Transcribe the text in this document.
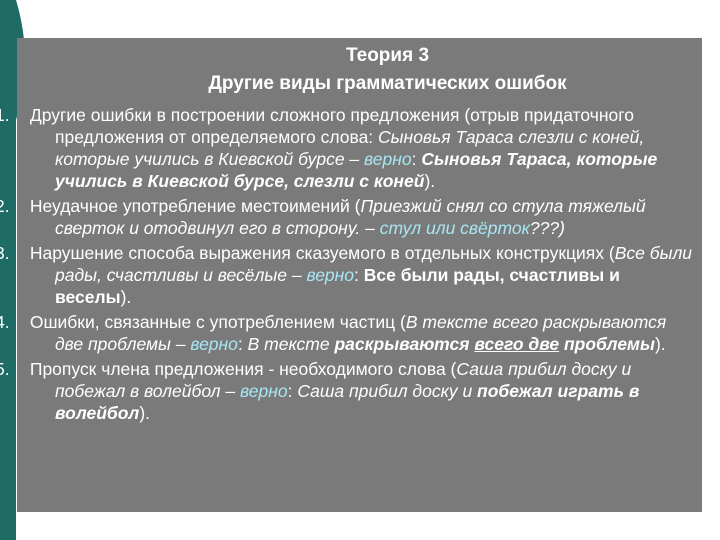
Теория 3
Другие виды грамматических ошибок
Другие ошибки в построении сложного предложения (отрыв придаточного предложения от определяемого слова: Сыновья Тараса слезли с коней, которые учились в Киевской бурсе – верно: Сыновья Тараса, которые учились в Киевской бурсе, слезли с коней).
Неудачное употребление местоимений (Приезжий снял со стула тяжелый сверток и отодвинул его в сторону. – стул или свёрток???)
Нарушение способа выражения сказуемого в отдельных конструкциях (Все были рады, счастливы и весёлые – верно: Все были рады, счастливы и веселы).
Ошибки, связанные с употреблением частиц (В тексте всего раскрываются две проблемы – верно: В тексте раскрываются всего две проблемы).
Пропуск члена предложения - необходимого слова (Саша прибил доску и побежал в волейбол – верно: Саша прибил доску и побежал играть в волейбол).
